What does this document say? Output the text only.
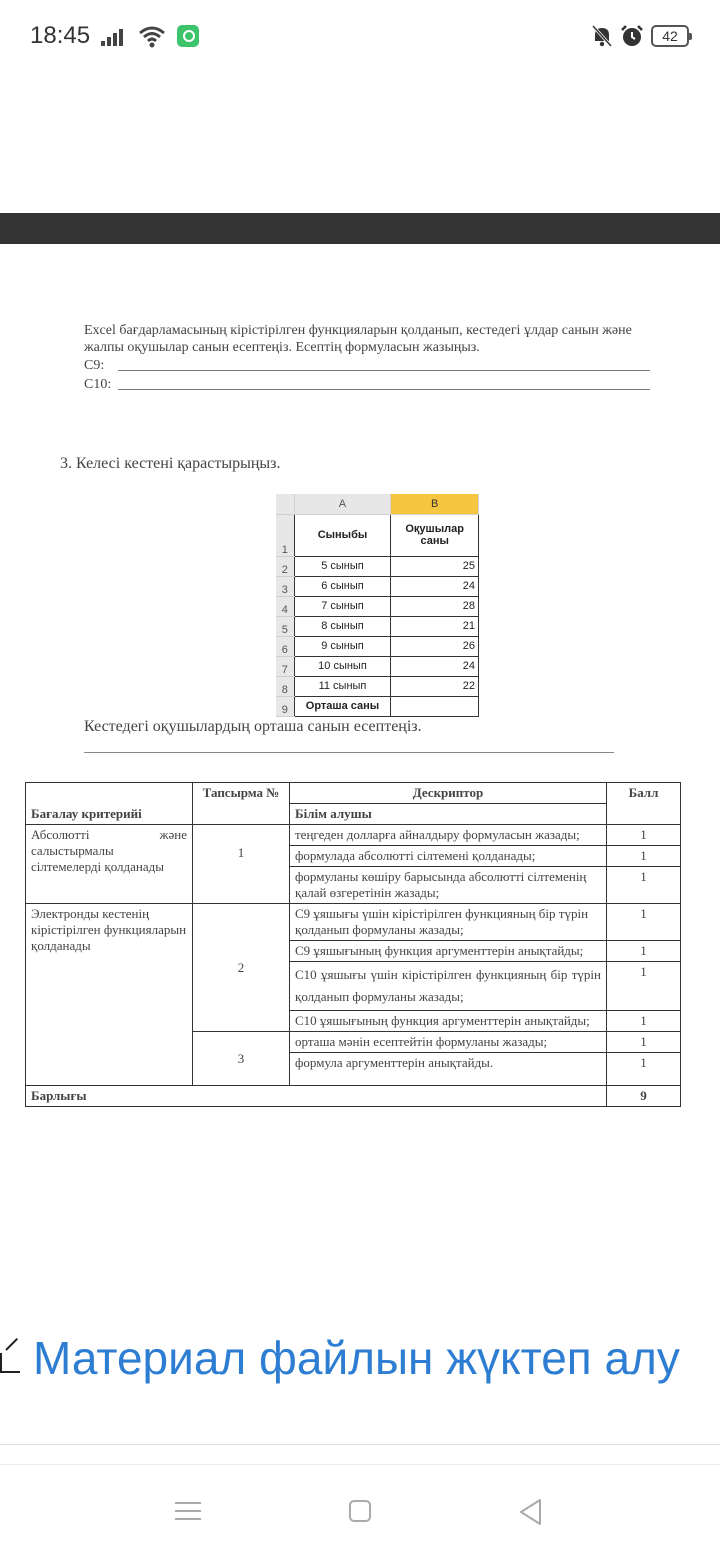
18:45	42
Excel бағдарламасының кірістірілген функцияларын қолданып, кестедегі ұлдар санын және жалпы оқушылар санын есептеңіз. Есептің формуласын жазыңыз.
C9:
C10:
3. Келесі кестені қарастырыңыз.
	A	B
1	Сыныбы	Оқушылар саны
2	5 сынып	25
3	6 сынып	24
4	7 сынып	28
5	8 сынып	21
6	9 сынып	26
7	10 сынып	24
8	11 сынып	22
9	Орташа саны	
Кестедегі оқушылардың орташа санын есептеңіз.
Бағалау критерийі	Тапсырма №	Дескриптор	Балл
		Білім алушы	
Абсолютті және салыстырмалы сілтемелерді қолданады	1	теңгеден долларға айналдыру формуласын жазады;	1
		формулада абсолютті сілтемені қолданады;	1
		формуланы көшіру барысында абсолютті сілтеменің қалай өзгеретінін жазады;	1
Электронды кестенің кірістірілген функцияларын қолданады	2	С9 ұяшығы үшін кірістірілген функцияның бір түрін қолданып формуланы жазады;	1
		С9 ұяшығының функция аргументтерін анықтайды;	1
		С10 ұяшығы үшін кірістірілген функцияның бір түрін қолданып формуланы жазады;	1
		С10 ұяшығының функция аргументтерін анықтайды;	1
	3	орташа мәнін есептейтін формуланы жазады;	1
		формула аргументтерін анықтайды.	1
Барлығы			9
Материал файлын жүктеп алу
